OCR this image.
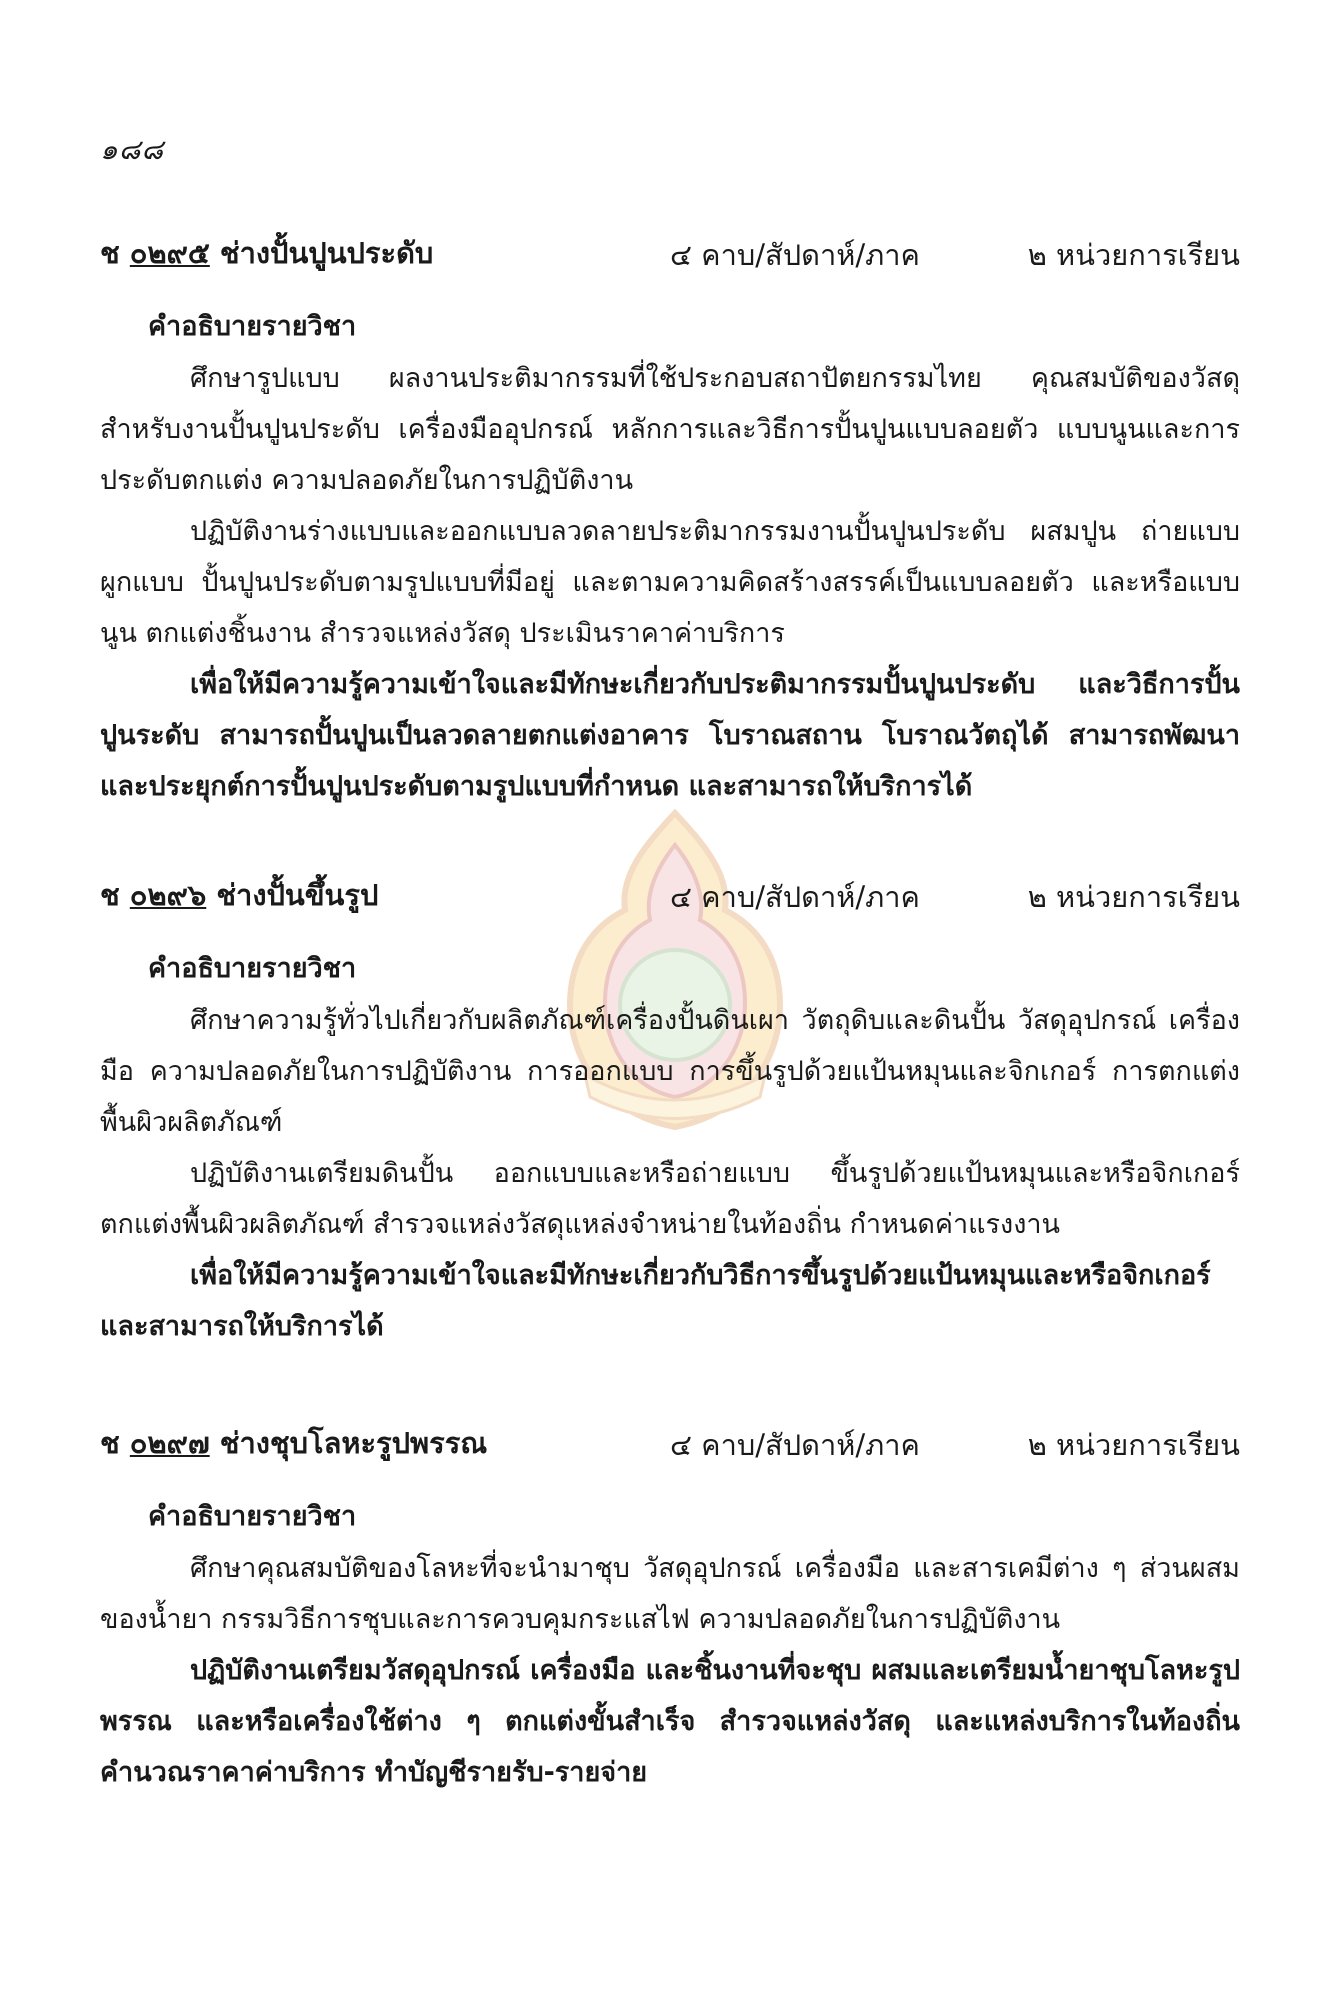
๑๘๘
ช ๐๒๙๕ ช่างปั้นปูนประดับ	๔ คาบ/สัปดาห์/ภาค	๒ หน่วยการเรียน
คำอธิบายรายวิชา

ศึกษารูปแบบ ผลงานประติมากรรมที่ใช้ประกอบสถาปัตยกรรมไทย คุณสมบัติของวัสดุสำหรับงานปั้นปูนประดับ เครื่องมืออุปกรณ์ หลักการและวิธีการปั้นปูนแบบลอยตัว แบบนูนและการประดับตกแต่ง ความปลอดภัยในการปฏิบัติงาน

ปฏิบัติงานร่างแบบและออกแบบลวดลายประติมากรรมงานปั้นปูนประดับ ผสมปูน ถ่ายแบบ ผูกแบบ ปั้นปูนประดับตามรูปแบบที่มีอยู่ และตามความคิดสร้างสรรค์เป็นแบบลอยตัว และหรือแบบนูน ตกแต่งชิ้นงาน สำรวจแหล่งวัสดุ ประเมินราคาค่าบริการ

เพื่อให้มีความรู้ความเข้าใจและมีทักษะเกี่ยวกับประติมากรรมปั้นปูนประดับ และวิธีการปั้นปูนระดับ สามารถปั้นปูนเป็นลวดลายตกแต่งอาคาร โบราณสถาน โบราณวัตถุได้ สามารถพัฒนาและประยุกต์การปั้นปูนประดับตามรูปแบบที่กำหนด และสามารถให้บริการได้

ช ๐๒๙๖ ช่างปั้นขึ้นรูป	๔ คาบ/สัปดาห์/ภาค	๒ หน่วยการเรียน
คำอธิบายรายวิชา

ศึกษาความรู้ทั่วไปเกี่ยวกับผลิตภัณฑ์เครื่องปั้นดินเผา วัตถุดิบและดินปั้น วัสดุอุปกรณ์ เครื่องมือ ความปลอดภัยในการปฏิบัติงาน การออกแบบ การขึ้นรูปด้วยแป้นหมุนและจิกเกอร์ การตกแต่งพื้นผิวผลิตภัณฑ์

ปฏิบัติงานเตรียมดินปั้น ออกแบบและหรือถ่ายแบบ ขึ้นรูปด้วยแป้นหมุนและหรือจิกเกอร์ ตกแต่งพื้นผิวผลิตภัณฑ์ สำรวจแหล่งวัสดุแหล่งจำหน่ายในท้องถิ่น กำหนดค่าแรงงาน

เพื่อให้มีความรู้ความเข้าใจและมีทักษะเกี่ยวกับวิธีการขึ้นรูปด้วยแป้นหมุนและหรือจิกเกอร์และสามารถให้บริการได้

ช ๐๒๙๗ ช่างชุบโลหะรูปพรรณ	๔ คาบ/สัปดาห์/ภาค	๒ หน่วยการเรียน
คำอธิบายรายวิชา

ศึกษาคุณสมบัติของโลหะที่จะนำมาชุบ วัสดุอุปกรณ์ เครื่องมือ และสารเคมีต่าง ๆ ส่วนผสมของน้ำยา กรรมวิธีการชุบและการควบคุมกระแสไฟ ความปลอดภัยในการปฏิบัติงาน

ปฏิบัติงานเตรียมวัสดุอุปกรณ์ เครื่องมือ และชิ้นงานที่จะชุบ ผสมและเตรียมน้ำยาชุบโลหะรูปพรรณ และหรือเครื่องใช้ต่าง ๆ ตกแต่งขั้นสำเร็จ สำรวจแหล่งวัสดุ และแหล่งบริการในท้องถิ่น คำนวณราคาค่าบริการ ทำบัญชีรายรับ-รายจ่าย
